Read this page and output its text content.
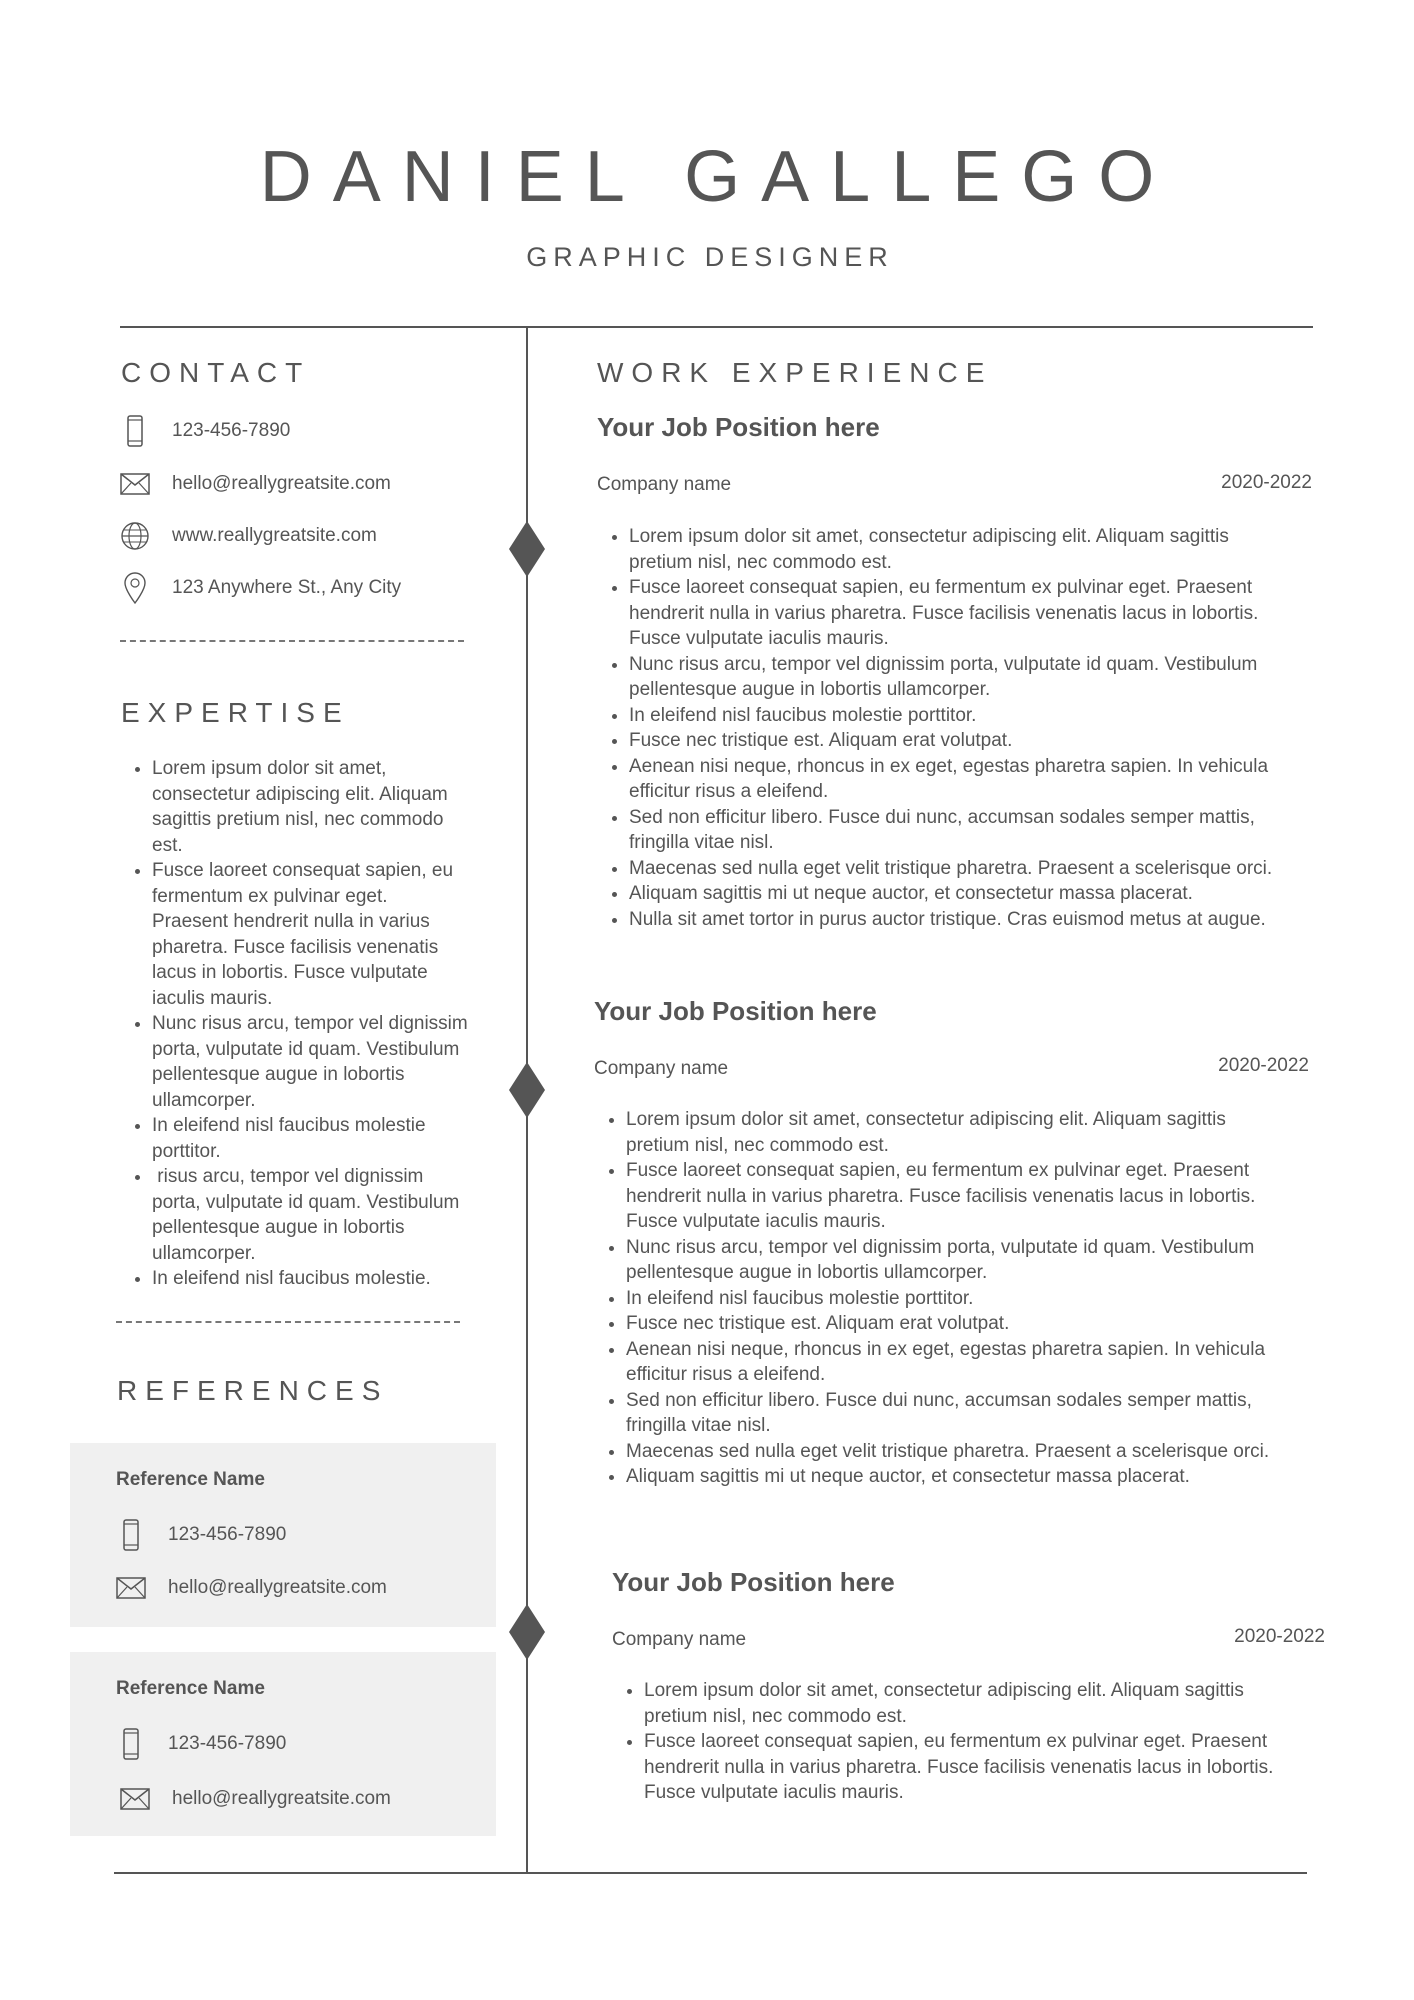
DANIEL GALLEGO
GRAPHIC DESIGNER
CONTACT
123-456-7890
hello@reallygreatsite.com
www.reallygreatsite.com
123 Anywhere St., Any City
EXPERTISE
• Lorem ipsum dolor sit amet, consectetur adipiscing elit. Aliquam sagittis pretium nisl, nec commodo est.
• Fusce laoreet consequat sapien, eu fermentum ex pulvinar eget. Praesent hendrerit nulla in varius pharetra. Fusce facilisis venenatis lacus in lobortis. Fusce vulputate iaculis mauris.
• Nunc risus arcu, tempor vel dignissim porta, vulputate id quam. Vestibulum pellentesque augue in lobortis ullamcorper.
• In eleifend nisl faucibus molestie porttitor.
•  risus arcu, tempor vel dignissim porta, vulputate id quam. Vestibulum pellentesque augue in lobortis ullamcorper.
• In eleifend nisl faucibus molestie.
REFERENCES
Reference Name
123-456-7890
hello@reallygreatsite.com
Reference Name
123-456-7890
hello@reallygreatsite.com
WORK EXPERIENCE
Your Job Position here
Company name	2020-2022
• Lorem ipsum dolor sit amet, consectetur adipiscing elit. Aliquam sagittis pretium nisl, nec commodo est.
• Fusce laoreet consequat sapien, eu fermentum ex pulvinar eget. Praesent hendrerit nulla in varius pharetra. Fusce facilisis venenatis lacus in lobortis. Fusce vulputate iaculis mauris.
• Nunc risus arcu, tempor vel dignissim porta, vulputate id quam. Vestibulum pellentesque augue in lobortis ullamcorper.
• In eleifend nisl faucibus molestie porttitor.
• Fusce nec tristique est. Aliquam erat volutpat.
• Aenean nisi neque, rhoncus in ex eget, egestas pharetra sapien. In vehicula efficitur risus a eleifend.
• Sed non efficitur libero. Fusce dui nunc, accumsan sodales semper mattis, fringilla vitae nisl.
• Maecenas sed nulla eget velit tristique pharetra. Praesent a scelerisque orci.
• Aliquam sagittis mi ut neque auctor, et consectetur massa placerat.
• Nulla sit amet tortor in purus auctor tristique. Cras euismod metus at augue.
Your Job Position here
Company name	2020-2022
• Lorem ipsum dolor sit amet, consectetur adipiscing elit. Aliquam sagittis pretium nisl, nec commodo est.
• Fusce laoreet consequat sapien, eu fermentum ex pulvinar eget. Praesent hendrerit nulla in varius pharetra. Fusce facilisis venenatis lacus in lobortis. Fusce vulputate iaculis mauris.
• Nunc risus arcu, tempor vel dignissim porta, vulputate id quam. Vestibulum pellentesque augue in lobortis ullamcorper.
• In eleifend nisl faucibus molestie porttitor.
• Fusce nec tristique est. Aliquam erat volutpat.
• Aenean nisi neque, rhoncus in ex eget, egestas pharetra sapien. In vehicula efficitur risus a eleifend.
• Sed non efficitur libero. Fusce dui nunc, accumsan sodales semper mattis, fringilla vitae nisl.
• Maecenas sed nulla eget velit tristique pharetra. Praesent a scelerisque orci.
• Aliquam sagittis mi ut neque auctor, et consectetur massa placerat.
Your Job Position here
Company name	2020-2022
• Lorem ipsum dolor sit amet, consectetur adipiscing elit. Aliquam sagittis pretium nisl, nec commodo est.
• Fusce laoreet consequat sapien, eu fermentum ex pulvinar eget. Praesent hendrerit nulla in varius pharetra. Fusce facilisis venenatis lacus in lobortis. Fusce vulputate iaculis mauris.
